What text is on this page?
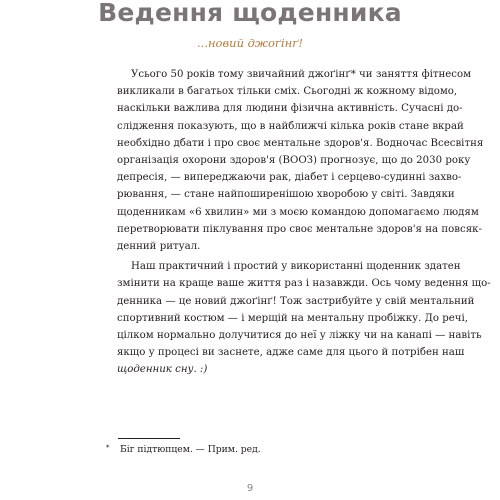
Ведення щоденника
...новий джоґінґ!
Усього 50 років тому звичайний джоґінґ* чи заняття фітнесом
викликали в багатьох тільки сміх. Сьогодні ж кожному відомо,
наскільки важлива для людини фізична активність. Сучасні до-
слідження показують, що в найближчі кілька років стане вкрай
необхідно дбати і про своє ментальне здоров'я. Водночас Всесвітня
організація охорони здоров'я (ВООЗ) прогнозує, що до 2030 року
депресія, — випереджаючи рак, діабет і серцево-судинні захво-
рювання, — стане найпоширенішою хворобою у світі. Завдяки
щоденникам «6 хвилин» ми з моєю командою допомагаємо людям
перетворювати піклування про своє ментальне здоров'я на повсяк-
денний ритуал.
Наш практичний і простий у використанні щоденник здатен
змінити на краще ваше життя раз і назавжди. Ось чому ведення що-
денника — це новий джоґінґ! Тож застрибуйте у свій ментальний
спортивний костюм — і мерщій на ментальну пробіжку. До речі,
цілком нормально долучитися до неї у ліжку чи на канапі — навіть
якщо у процесі ви заснете, адже саме для цього й потрібен наш
щоденник сну. :)
* Біг підтюпцем. — Прим. ред.
9
